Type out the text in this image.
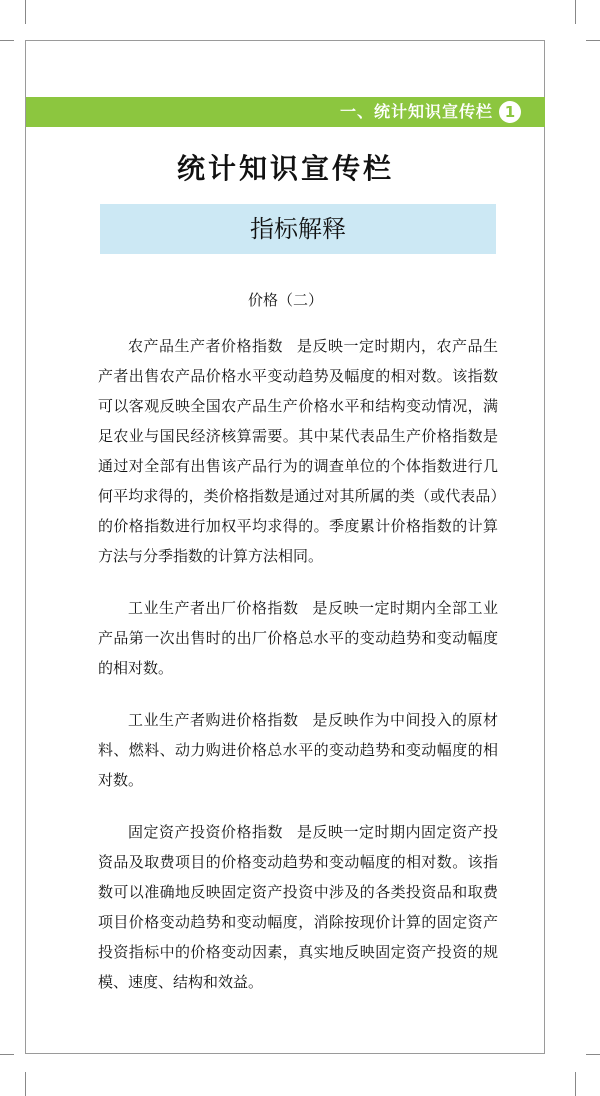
一、统计知识宣传栏 1
统计知识宣传栏
指标解释
价格（二）

农产品生产者价格指数 是反映一定时期内，农产品生产者出售农产品价格水平变动趋势及幅度的相对数。该指数可以客观反映全国农产品生产价格水平和结构变动情况，满足农业与国民经济核算需要。其中某代表品生产价格指数是通过对全部有出售该产品行为的调查单位的个体指数进行几何平均求得的，类价格指数是通过对其所属的类（或代表品）的价格指数进行加权平均求得的。季度累计价格指数的计算方法与分季指数的计算方法相同。

工业生产者出厂价格指数 是反映一定时期内全部工业产品第一次出售时的出厂价格总水平的变动趋势和变动幅度的相对数。

工业生产者购进价格指数 是反映作为中间投入的原材料、燃料、动力购进价格总水平的变动趋势和变动幅度的相对数。

固定资产投资价格指数 是反映一定时期内固定资产投资品及取费项目的价格变动趋势和变动幅度的相对数。该指数可以准确地反映固定资产投资中涉及的各类投资品和取费项目价格变动趋势和变动幅度，消除按现价计算的固定资产投资指标中的价格变动因素，真实地反映固定资产投资的规模、速度、结构和效益。
